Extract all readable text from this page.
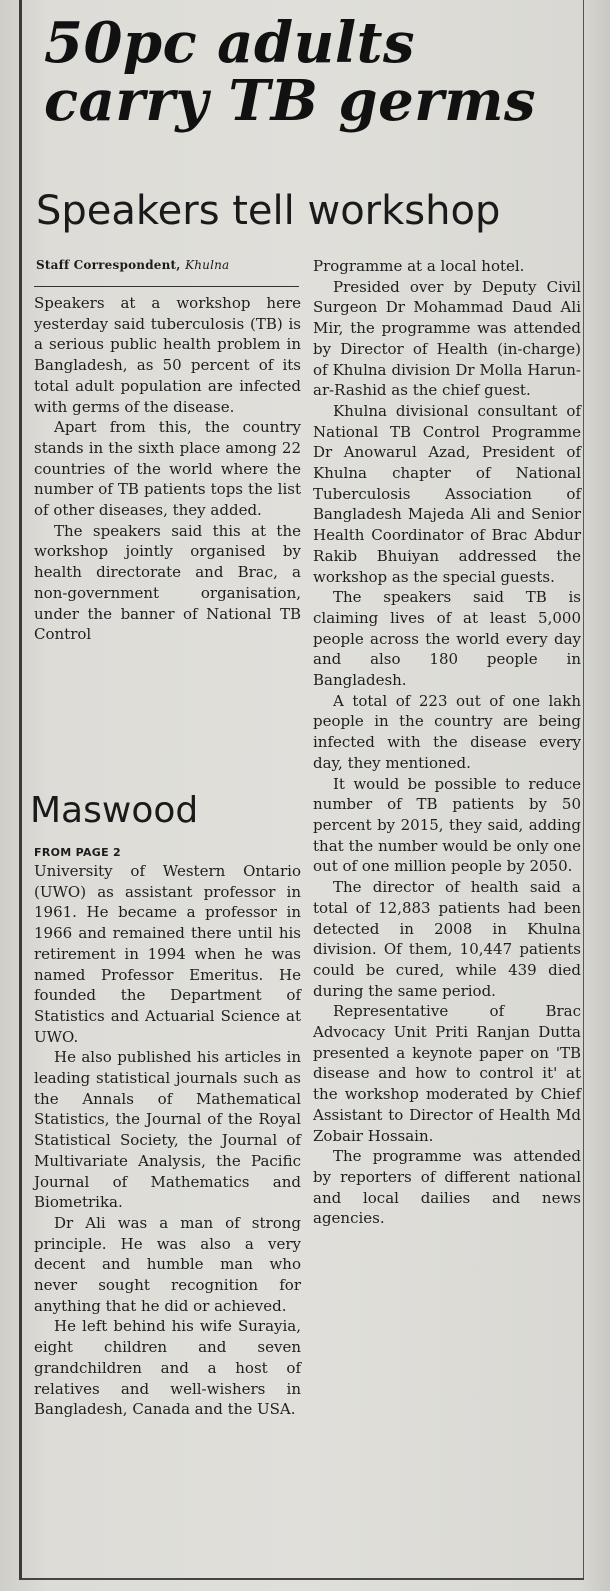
50pc adults carry TB germs
Speakers tell workshop
Staff Correspondent, Khulna

Speakers at a workshop here yesterday said tuberculosis (TB) is a serious public health problem in Bangladesh, as 50 percent of its total adult population are infected with germs of the disease.

Apart from this, the country stands in the sixth place among 22 countries of the world where the number of TB patients tops the list of other diseases, they added.

The speakers said this at the workshop jointly organised by health directorate and Brac, a non-government organisation, under the banner of National TB Control

Programme at a local hotel.

Presided over by Deputy Civil Surgeon Dr Mohammad Daud Ali Mir, the programme was attended by Director of Health (in-charge) of Khulna division Dr Molla Harun-ar-Rashid as the chief guest.

Khulna divisional consultant of National TB Control Programme Dr Anowarul Azad, President of Khulna chapter of National Tuberculosis Association of Bangladesh Majeda Ali and Senior Health Coordinator of Brac Abdur Rakib Bhuiyan addressed the workshop as the special guests.

The speakers said TB is claiming lives of at least 5,000 people across the world every day and also 180 people in Bangladesh.

A total of 223 out of one lakh people in the country are being infected with the disease every day, they mentioned.

It would be possible to reduce number of TB patients by 50 percent by 2015, they said, adding that the number would be only one out of one million people by 2050.

The director of health said a total of 12,883 patients had been detected in 2008 in Khulna division. Of them, 10,447 patients could be cured, while 439 died during the same period.

Representative of Brac Advocacy Unit Priti Ranjan Dutta presented a keynote paper on 'TB disease and how to control it' at the workshop moderated by Chief Assistant to Director of Health Md Zobair Hossain.

The programme was attended by reporters of different national and local dailies and news agencies.

Maswood
FROM PAGE 2

University of Western Ontario (UWO) as assistant professor in 1961. He became a professor in 1966 and remained there until his retirement in 1994 when he was named Professor Emeritus. He founded the Department of Statistics and Actuarial Science at UWO.

He also published his articles in leading statistical journals such as the Annals of Mathematical Statistics, the Journal of the Royal Statistical Society, the Journal of Multivariate Analysis, the Pacific Journal of Mathematics and Biometrika.

Dr Ali was a man of strong principle. He was also a very decent and humble man who never sought recognition for anything that he did or achieved.

He left behind his wife Surayia, eight children and seven grandchildren and a host of relatives and well-wishers in Bangladesh, Canada and the USA.
